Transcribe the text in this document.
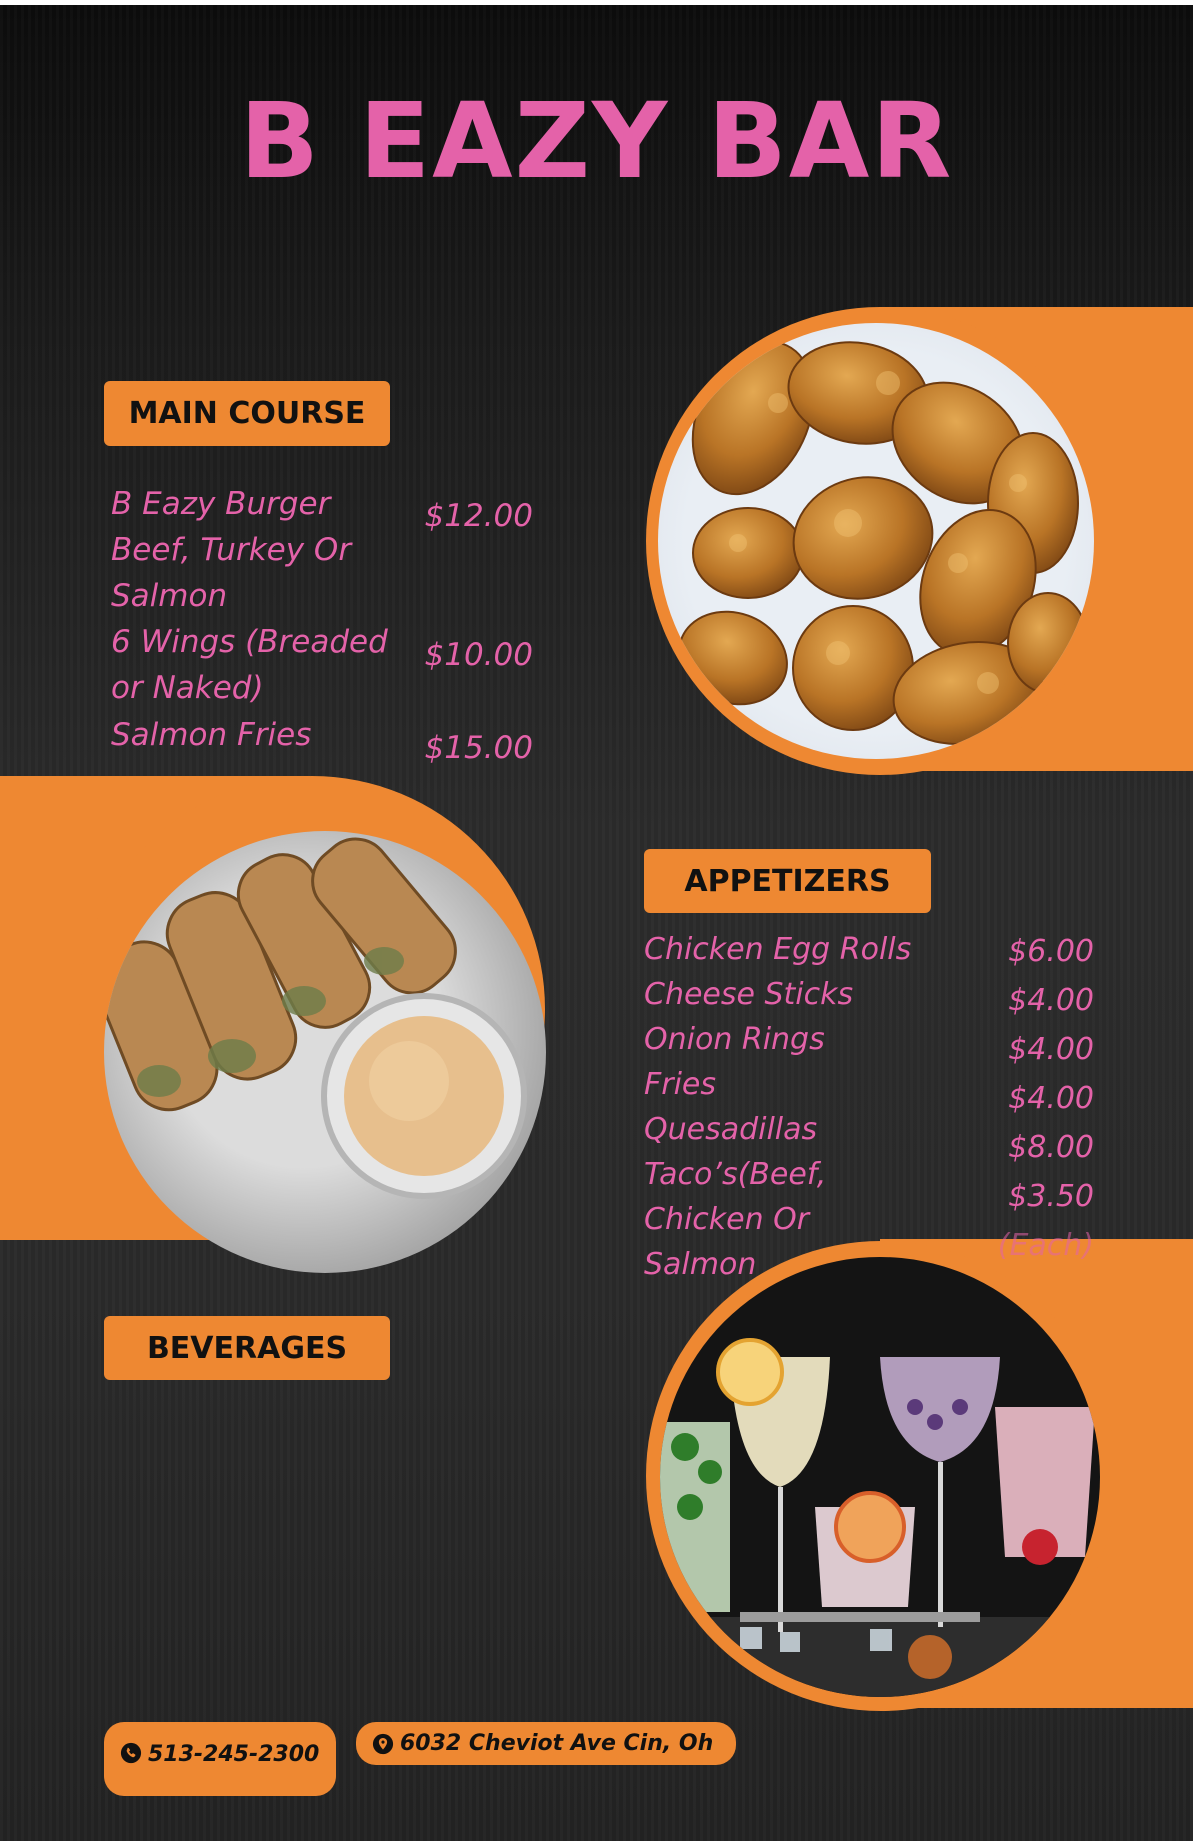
B EAZY BAR
MAIN COURSE
B Eazy Burger
Beef, Turkey Or
Salmon
$12.00
6 Wings (Breaded
or Naked)
$10.00
Salmon Fries	$15.00
APPETIZERS
Chicken Egg Rolls
Cheese Sticks
Onion Rings
Fries
Quesadillas
Taco’s(Beef,
Chicken Or
Salmon
$6.00
$4.00
$4.00
$4.00
$8.00
$3.50
(Each)
BEVERAGES
513-245-2300	6032 Cheviot Ave Cin, Oh
